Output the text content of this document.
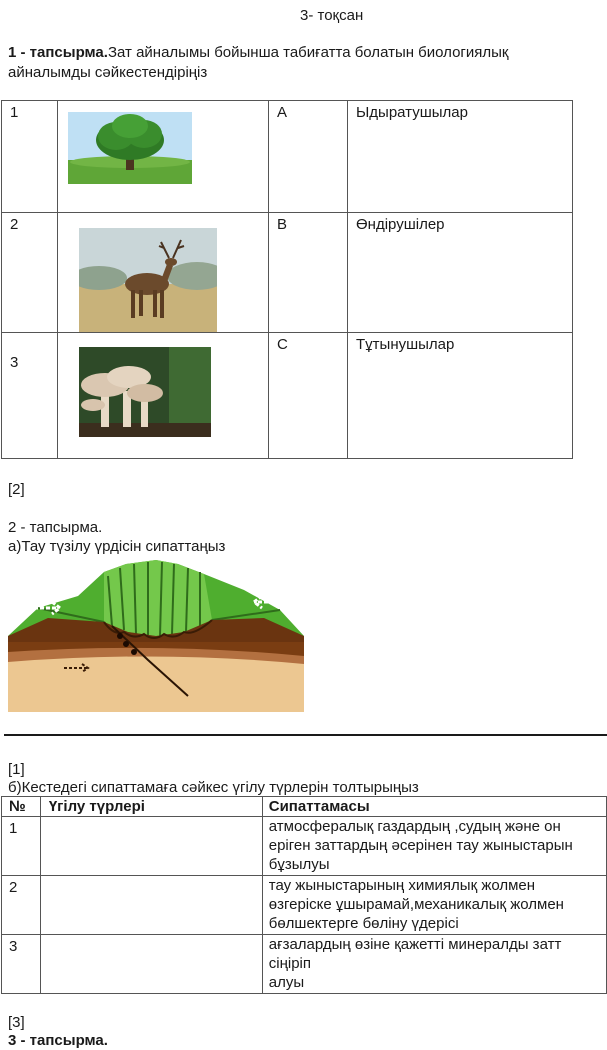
3- тоқсан
1 - тапсырма.Зат айналымы бойынша табиғатта болатын биологиялық
айналымды сәйкестендіріңіз
1		A	Ыдыратушылар
2		B	Өндірушілер
3		C	Тұтынушылар
[2]
2 - тапсырма.
а)Тау түзілу үрдісін сипаттаңыз
[1]
б)Кестедегі сипаттамаға сәйкес үгілу түрлерін толтырыңыз
№	Үгілу түрлері	Сипаттамасы
1		атмосфералық газдардың ,судың және он
еріген заттардың әсерінен тау жыныстарын
бұзылуы

2		тау жыныстарының химиялық жолмен
өзгеріске ұшырамай,механикалық жолмен
бөлшектерге бөліну үдерісі

3		ағзалардың өзіне қажетті минералды затт
сіңіріп
алуы
[3]
3 - тапсырма.
